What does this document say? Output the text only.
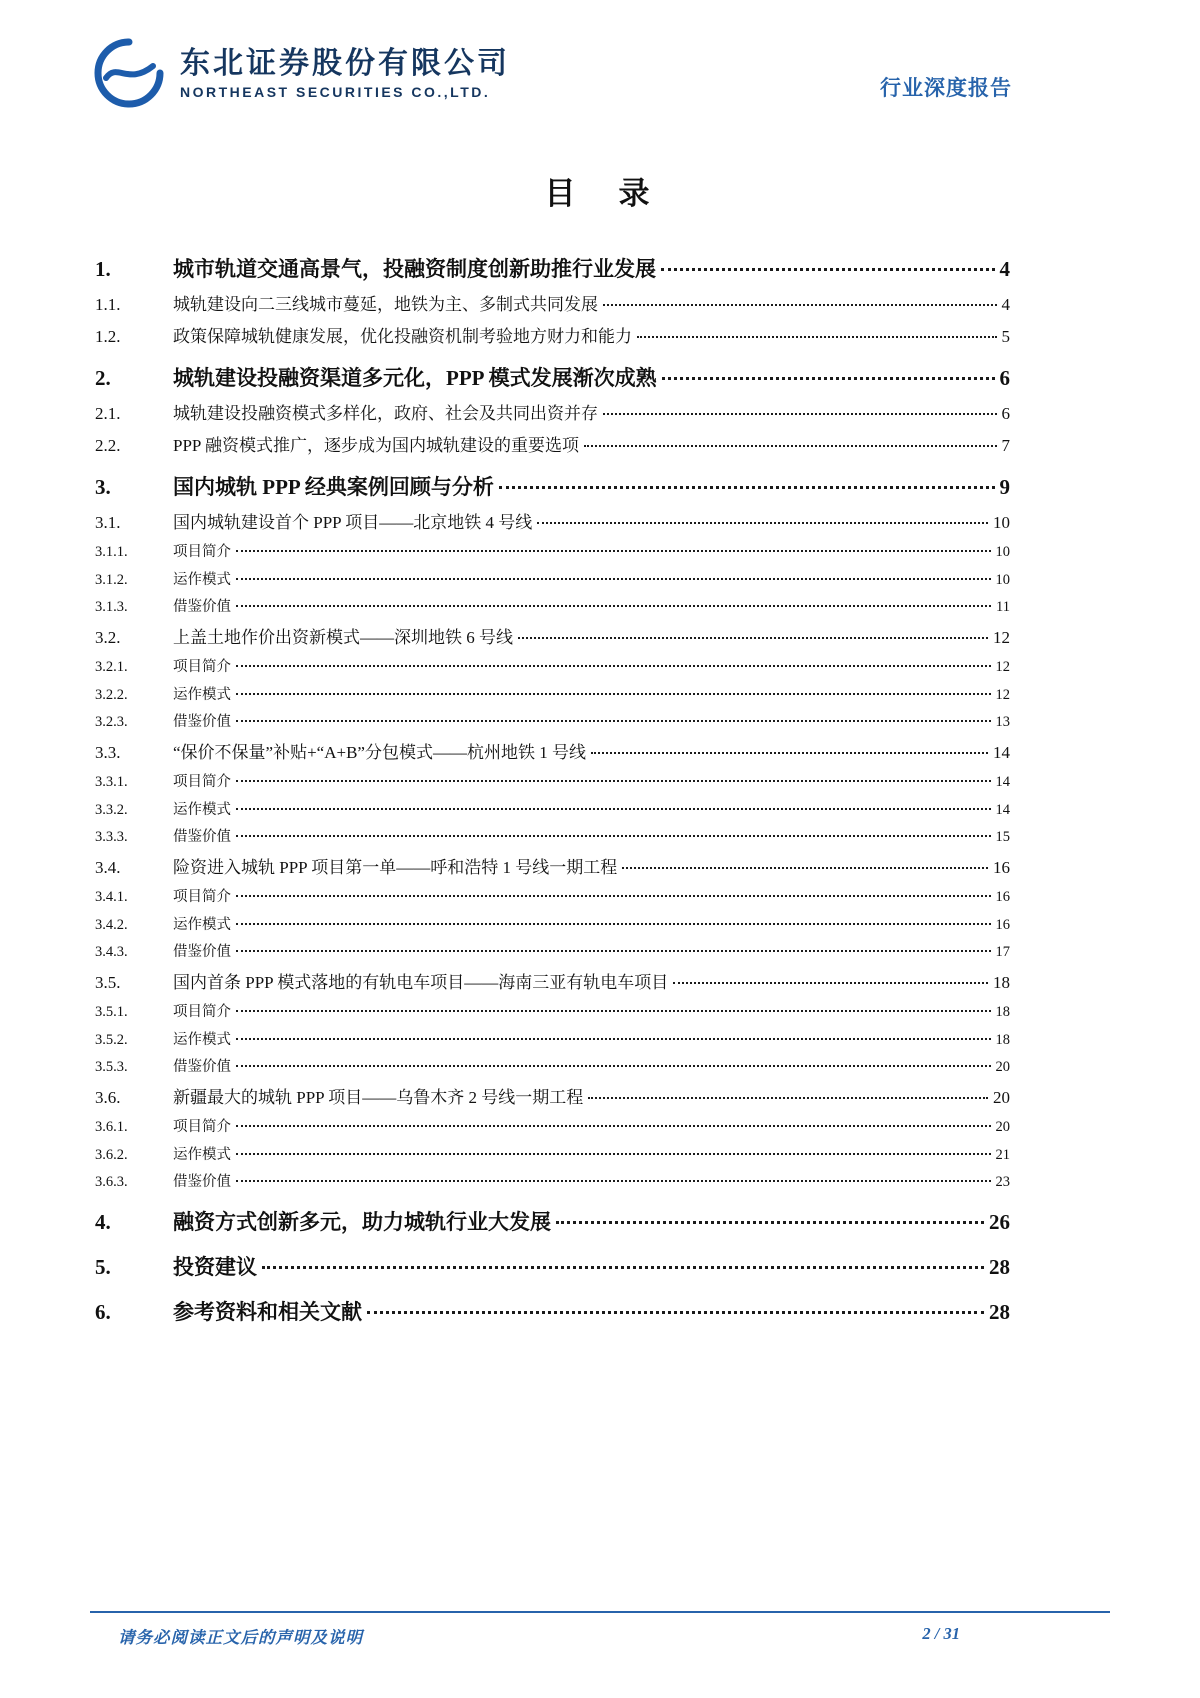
东北证券股份有限公司
NORTHEAST SECURITIES CO.,LTD.	行业深度报告
目　录
1.	城市轨道交通高景气，投融资制度创新助推行业发展	4
1.1.	城轨建设向二三线城市蔓延，地铁为主、多制式共同发展	4
1.2.	政策保障城轨健康发展，优化投融资机制考验地方财力和能力	5
2.	城轨建设投融资渠道多元化，PPP 模式发展渐次成熟	6
2.1.	城轨建设投融资模式多样化，政府、社会及共同出资并存	6
2.2.	PPP 融资模式推广，逐步成为国内城轨建设的重要选项	7
3.	国内城轨 PPP 经典案例回顾与分析	9
3.1.	国内城轨建设首个 PPP 项目——北京地铁 4 号线	10
3.1.1.	项目简介	10
3.1.2.	运作模式	10
3.1.3.	借鉴价值	11
3.2.	上盖土地作价出资新模式——深圳地铁 6 号线	12
3.2.1.	项目简介	12
3.2.2.	运作模式	12
3.2.3.	借鉴价值	13
3.3.	“保价不保量”补贴+“A+B”分包模式——杭州地铁 1 号线	14
3.3.1.	项目简介	14
3.3.2.	运作模式	14
3.3.3.	借鉴价值	15
3.4.	险资进入城轨 PPP 项目第一单——呼和浩特 1 号线一期工程	16
3.4.1.	项目简介	16
3.4.2.	运作模式	16
3.4.3.	借鉴价值	17
3.5.	国内首条 PPP 模式落地的有轨电车项目——海南三亚有轨电车项目	18
3.5.1.	项目简介	18
3.5.2.	运作模式	18
3.5.3.	借鉴价值	20
3.6.	新疆最大的城轨 PPP 项目——乌鲁木齐 2 号线一期工程	20
3.6.1.	项目简介	20
3.6.2.	运作模式	21
3.6.3.	借鉴价值	23
4.	融资方式创新多元，助力城轨行业大发展	26
5.	投资建议	28
6.	参考资料和相关文献	28
请务必阅读正文后的声明及说明	2 / 31
